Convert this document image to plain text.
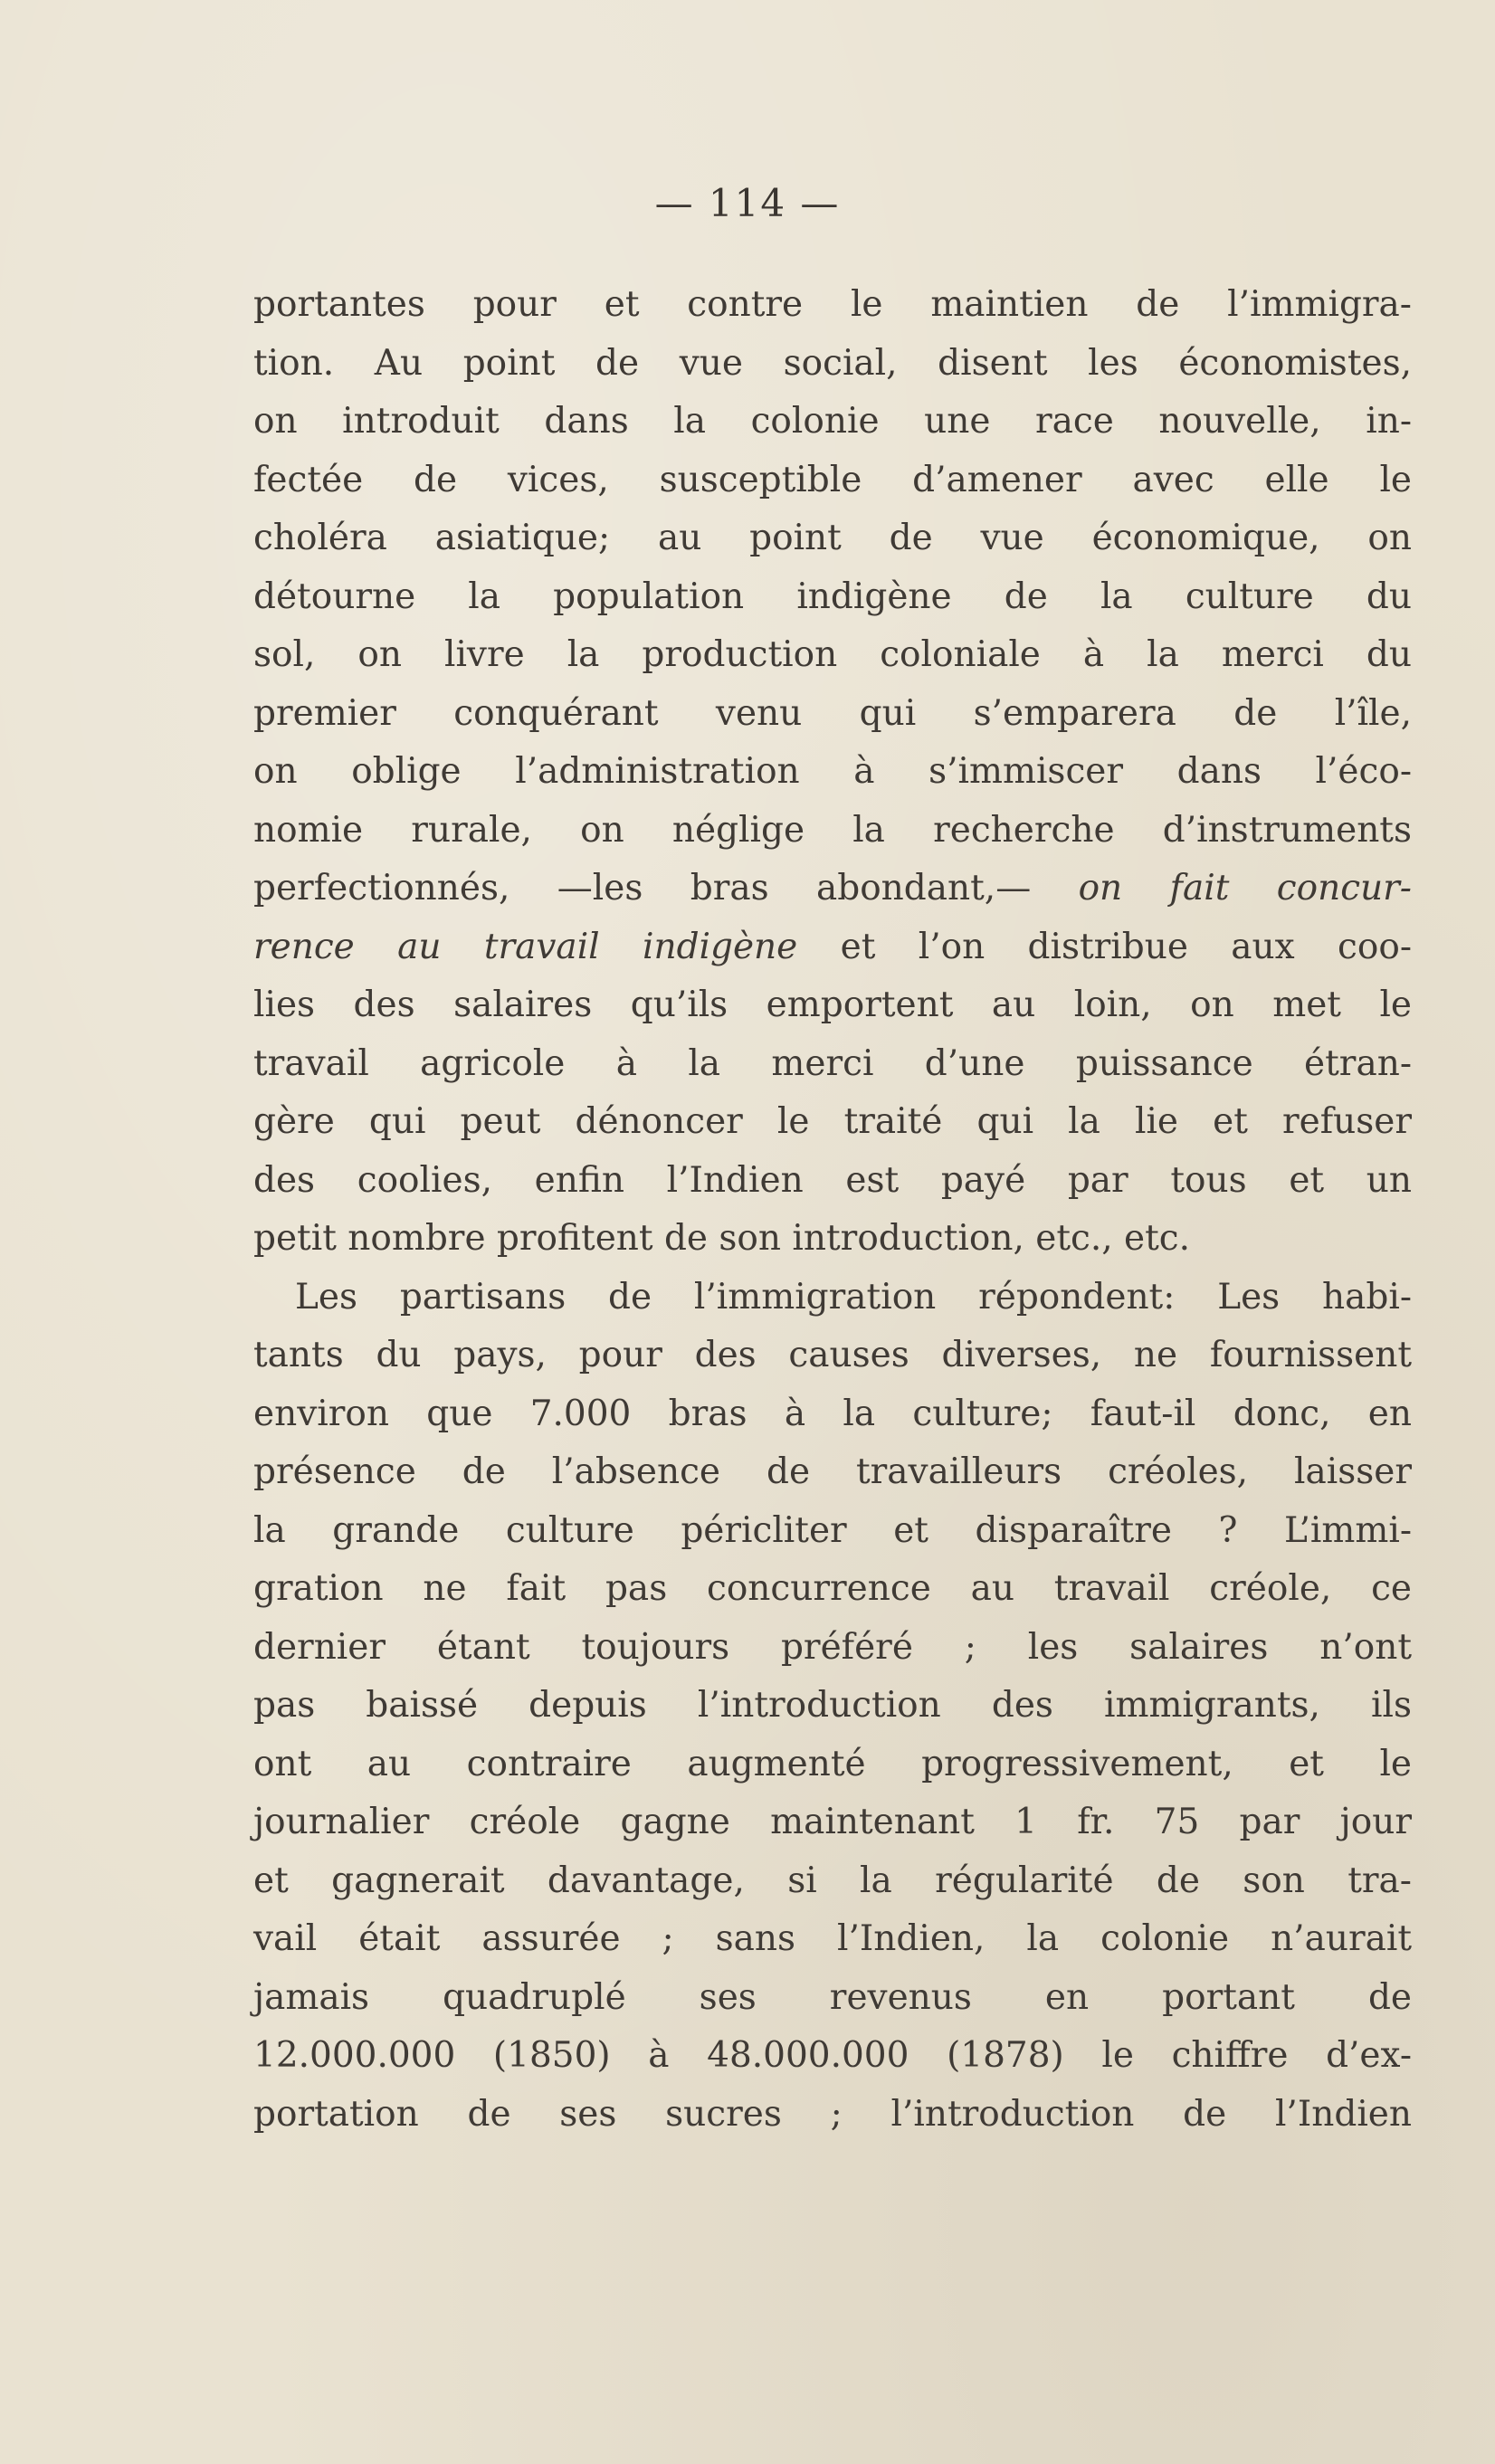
— 114 —
portantes pour et contre le maintien de l’immigra-
tion. Au point de vue social, disent les économistes,
on introduit dans la colonie une race nouvelle, in-
fectée de vices, susceptible d’amener avec elle le
choléra asiatique; au point de vue économique, on
détourne la population indigène de la culture du
sol, on livre la production coloniale à la merci du
premier conquérant venu qui s’emparera de l’île,
on oblige l’administration à s’immiscer dans l’éco-
nomie rurale, on néglige la recherche d’instruments
perfectionnés, —les bras abondant,— on fait concur-
rence au travail indigène et l’on distribue aux coo-
lies des salaires qu’ils emportent au loin, on met le
travail agricole à la merci d’une puissance étran-
gère qui peut dénoncer le traité qui la lie et refuser
des coolies, enfin l’Indien est payé par tous et un
petit nombre profitent de son introduction, etc., etc.
Les partisans de l’immigration répondent: Les habi-
tants du pays, pour des causes diverses, ne fournissent
environ que 7.000 bras à la culture; faut-il donc, en
présence de l’absence de travailleurs créoles, laisser
la grande culture péricliter et disparaître ? L’immi-
gration ne fait pas concurrence au travail créole, ce
dernier étant toujours préféré ; les salaires n’ont
pas baissé depuis l’introduction des immigrants, ils
ont au contraire augmenté progressivement, et le
journalier créole gagne maintenant 1 fr. 75 par jour
et gagnerait davantage, si la régularité de son tra-
vail était assurée ; sans l’Indien, la colonie n’aurait
jamais quadruplé ses revenus en portant de
12.000.000 (1850) à 48.000.000 (1878) le chiffre d’ex-
portation de ses sucres ; l’introduction de l’Indien
